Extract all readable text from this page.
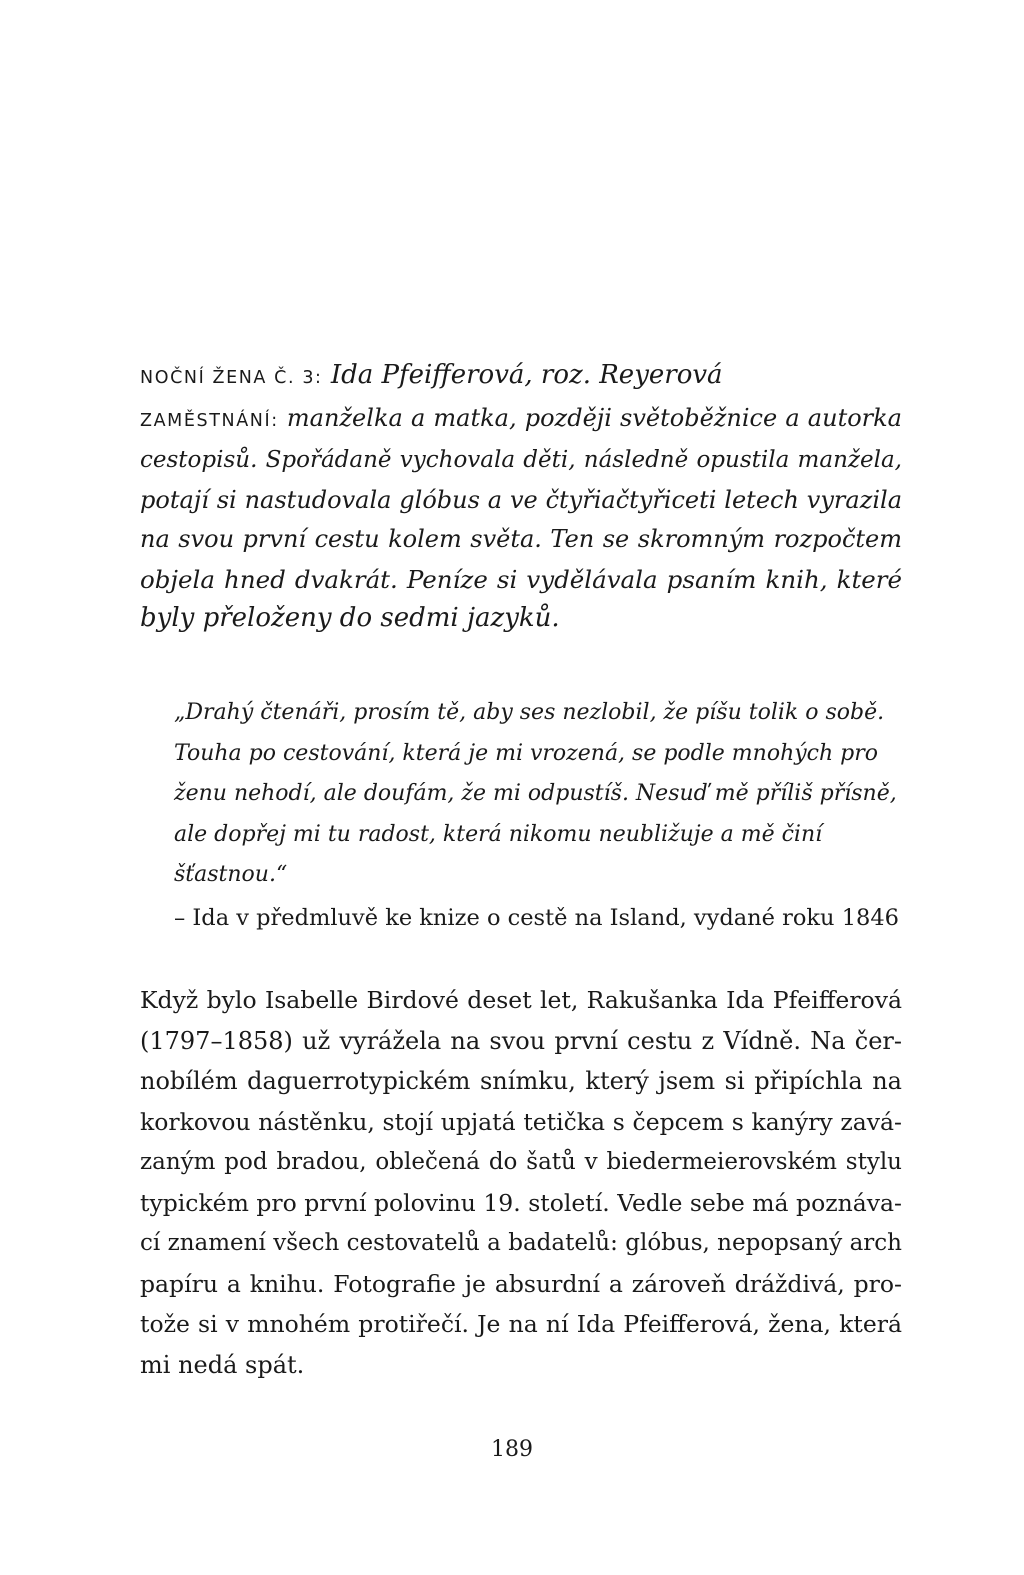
NOČNÍ ŽENA Č. 3: Ida Pfeifferová, roz. Reyerová
ZAMĚSTNÁNÍ: manželka a matka, později světoběžnice a autorka
cestopisů. Spořádaně vychovala děti, následně opustila manžela,
potají si nastudovala glóbus a ve čtyřiačtyřiceti letech vyrazila
na svou první cestu kolem světa. Ten se skromným rozpočtem
objela hned dvakrát. Peníze si vydělávala psaním knih, které
byly přeloženy do sedmi jazyků.
„Drahý čtenáři, prosím tě, aby ses nezlobil, že píšu tolik o sobě.
Touha po cestování, která je mi vrozená, se podle mnohých pro
ženu nehodí, ale doufám, že mi odpustíš. Nesuď mě příliš přísně,
ale dopřej mi tu radost, která nikomu neubližuje a mě činí
šťastnou.“
– Ida v předmluvě ke knize o cestě na Island, vydané roku 1846
Když bylo Isabelle Birdové deset let, Rakušanka Ida Pfeifferová
(1797–1858) už vyrážela na svou první cestu z Vídně. Na čer-
nobílém daguerrotypickém snímku, který jsem si připíchla na
korkovou nástěnku, stojí upjatá tetička s čepcem s kanýry zavá-
zaným pod bradou, oblečená do šatů v biedermeierovském stylu
typickém pro první polovinu 19. století. Vedle sebe má poznáva-
cí znamení všech cestovatelů a badatelů: glóbus, nepopsaný arch
papíru a knihu. Fotografie je absurdní a zároveň dráždivá, pro-
tože si v mnohém protiřečí. Je na ní Ida Pfeifferová, žena, která
mi nedá spát.
189
